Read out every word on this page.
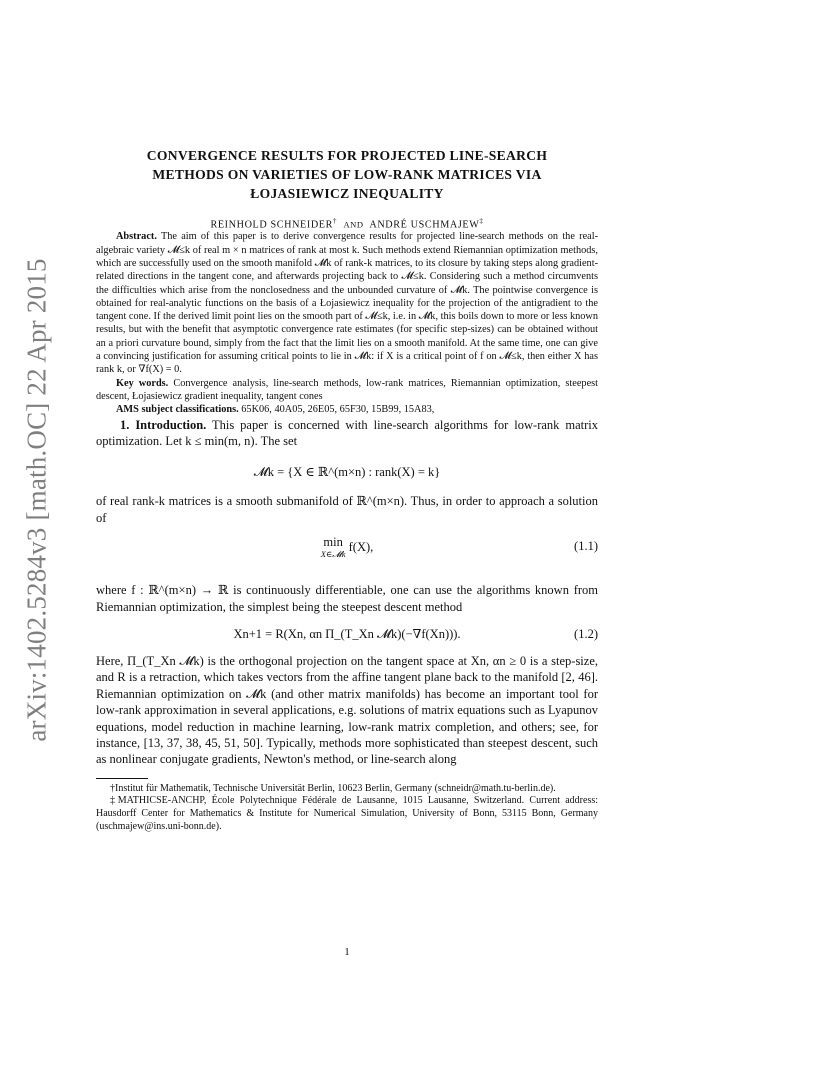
arXiv:1402.5284v3 [math.OC] 22 Apr 2015
CONVERGENCE RESULTS FOR PROJECTED LINE-SEARCH
METHODS ON VARIETIES OF LOW-RANK MATRICES VIA
ŁOJASIEWICZ INEQUALITY
REINHOLD SCHNEIDER† AND ANDRÉ USCHMAJEW‡

Abstract. The aim of this paper is to derive convergence results for projected line-search methods on the real-algebraic variety 𝓜≤k of real m × n matrices of rank at most k. Such methods extend Riemannian optimization methods, which are successfully used on the smooth manifold 𝓜k of rank-k matrices, to its closure by taking steps along gradient-related directions in the tangent cone, and afterwards projecting back to 𝓜≤k. Considering such a method circumvents the difficulties which arise from the nonclosedness and the unbounded curvature of 𝓜k. The pointwise convergence is obtained for real-analytic functions on the basis of a Łojasiewicz inequality for the projection of the antigradient to the tangent cone. If the derived limit point lies on the smooth part of 𝓜≤k, i.e. in 𝓜k, this boils down to more or less known results, but with the benefit that asymptotic convergence rate estimates (for specific step-sizes) can be obtained without an a priori curvature bound, simply from the fact that the limit lies on a smooth manifold. At the same time, one can give a convincing justification for assuming critical points to lie in 𝓜k: if X is a critical point of f on 𝓜≤k, then either X has rank k, or ∇f(X) = 0.

Key words. Convergence analysis, line-search methods, low-rank matrices, Riemannian optimization, steepest descent, Łojasiewicz gradient inequality, tangent cones

AMS subject classifications. 65K06, 40A05, 26E05, 65F30, 15B99, 15A83,

1. Introduction. This paper is concerned with line-search algorithms for low-rank matrix optimization. Let k ≤ min(m, n). The set

𝓜k = {X ∈ ℝ^(m×n) : rank(X) = k}

of real rank-k matrices is a smooth submanifold of ℝ^(m×n). Thus, in order to approach a solution of

min
X∈𝓜k
f(X),	(1.1)

where f : ℝ^(m×n) → ℝ is continuously differentiable, one can use the algorithms known from Riemannian optimization, the simplest being the steepest descent method

Xn+1 = R(Xn, αn Π_(T_Xn 𝓜k)(−∇f(Xn))).	(1.2)

Here, Π_(T_Xn 𝓜k) is the orthogonal projection on the tangent space at Xn, αn ≥ 0 is a step-size, and R is a retraction, which takes vectors from the affine tangent plane back to the manifold [2, 46]. Riemannian optimization on 𝓜k (and other matrix manifolds) has become an important tool for low-rank approximation in several applications, e.g. solutions of matrix equations such as Lyapunov equations, model reduction in machine learning, low-rank matrix completion, and others; see, for instance, [13, 37, 38, 45, 51, 50]. Typically, methods more sophisticated than steepest descent, such as nonlinear conjugate gradients, Newton's method, or line-search along

†Institut für Mathematik, Technische Universität Berlin, 10623 Berlin, Germany (schneidr@math.tu-berlin.de).

‡MATHICSE-ANCHP, École Polytechnique Fédérale de Lausanne, 1015 Lausanne, Switzerland. Current address: Hausdorff Center for Mathematics & Institute for Numerical Simulation, University of Bonn, 53115 Bonn, Germany (uschmajew@ins.uni-bonn.de).

1
